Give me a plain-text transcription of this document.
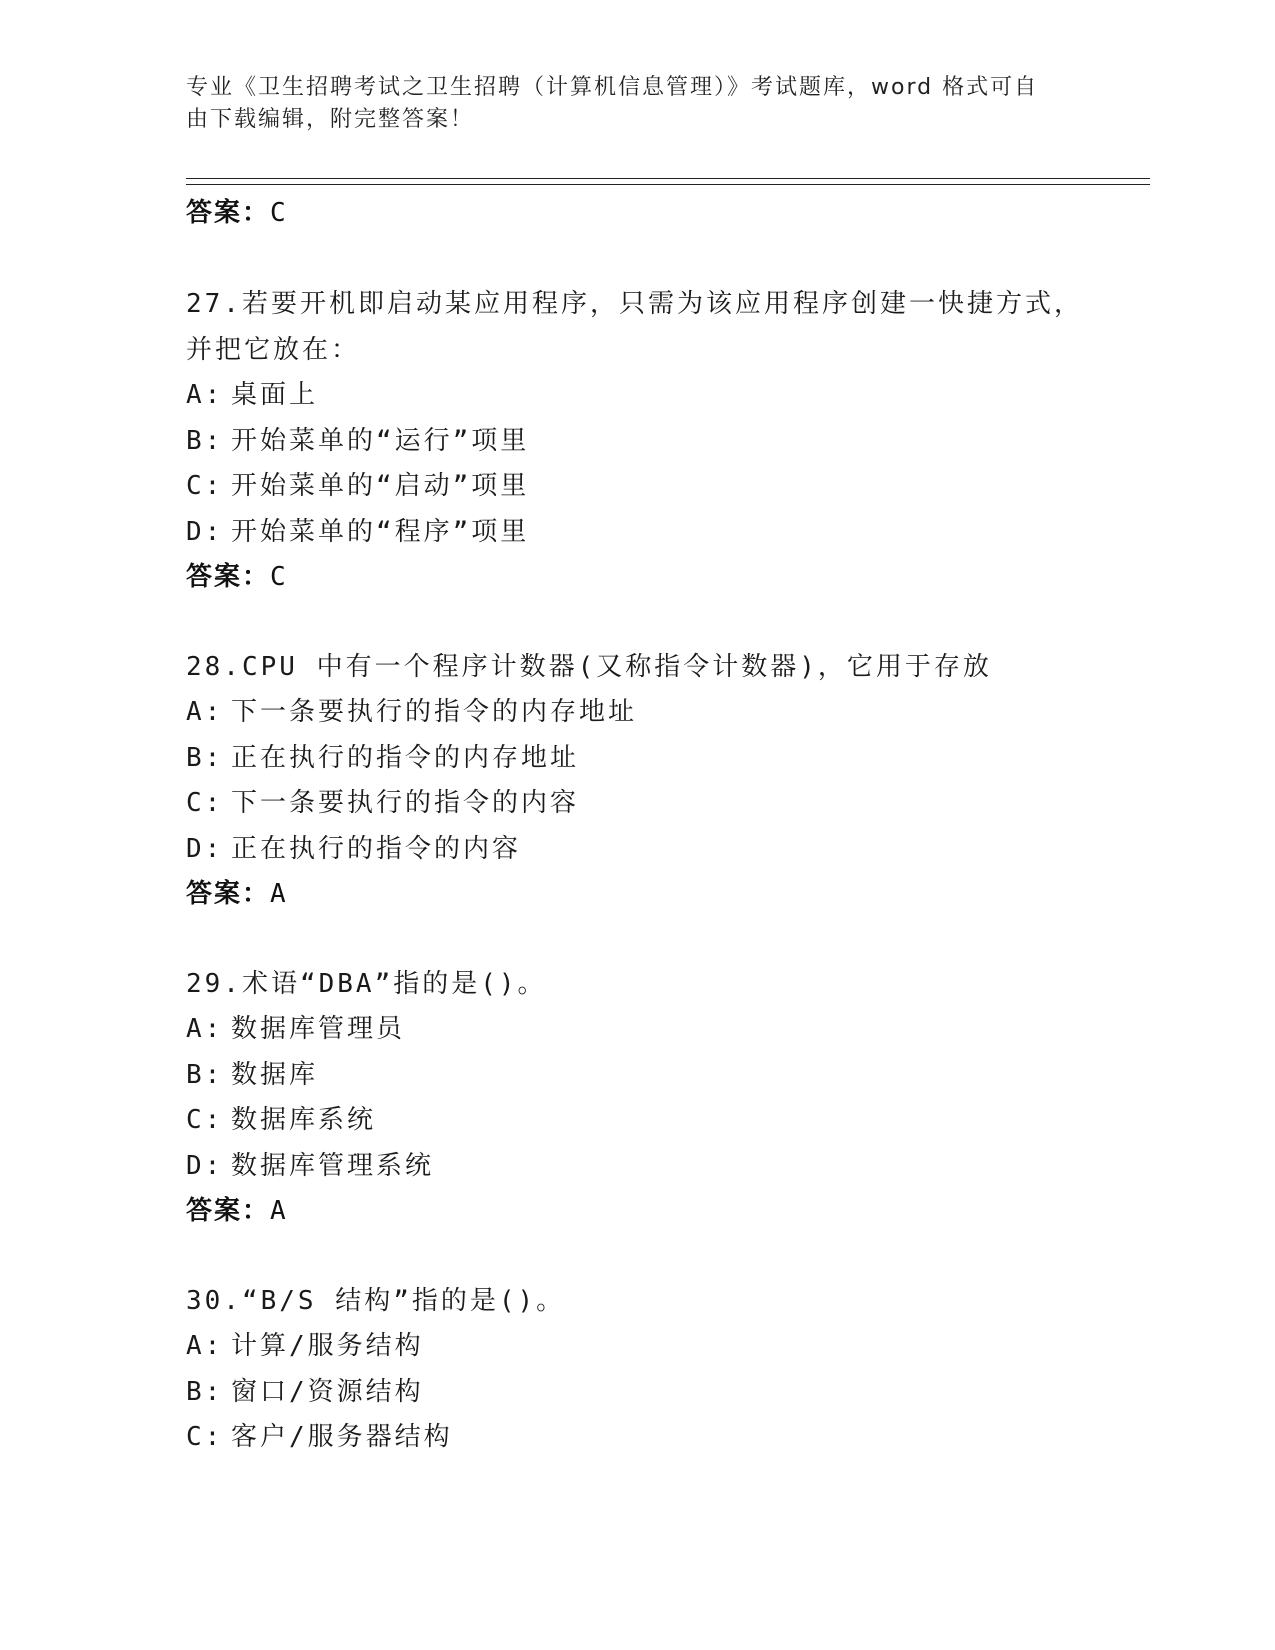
专业《卫生招聘考试之卫生招聘（计算机信息管理）》考试题库，word 格式可自
由下载编辑，附完整答案！

答案：C

27.若要开机即启动某应用程序，只需为该应用程序创建一快捷方式，

并把它放在：

A: 桌面上

B: 开始菜单的“运行”项里

C: 开始菜单的“启动”项里

D: 开始菜单的“程序”项里

答案：C

28.CPU 中有一个程序计数器(又称指令计数器)，它用于存放

A: 下一条要执行的指令的内存地址

B: 正在执行的指令的内存地址

C: 下一条要执行的指令的内容

D: 正在执行的指令的内容

答案：A

29.术语“DBA”指的是()。

A: 数据库管理员

B: 数据库

C: 数据库系统

D: 数据库管理系统

答案：A

30.“B/S 结构”指的是()。

A: 计算/服务结构

B: 窗口/资源结构

C: 客户/服务器结构
